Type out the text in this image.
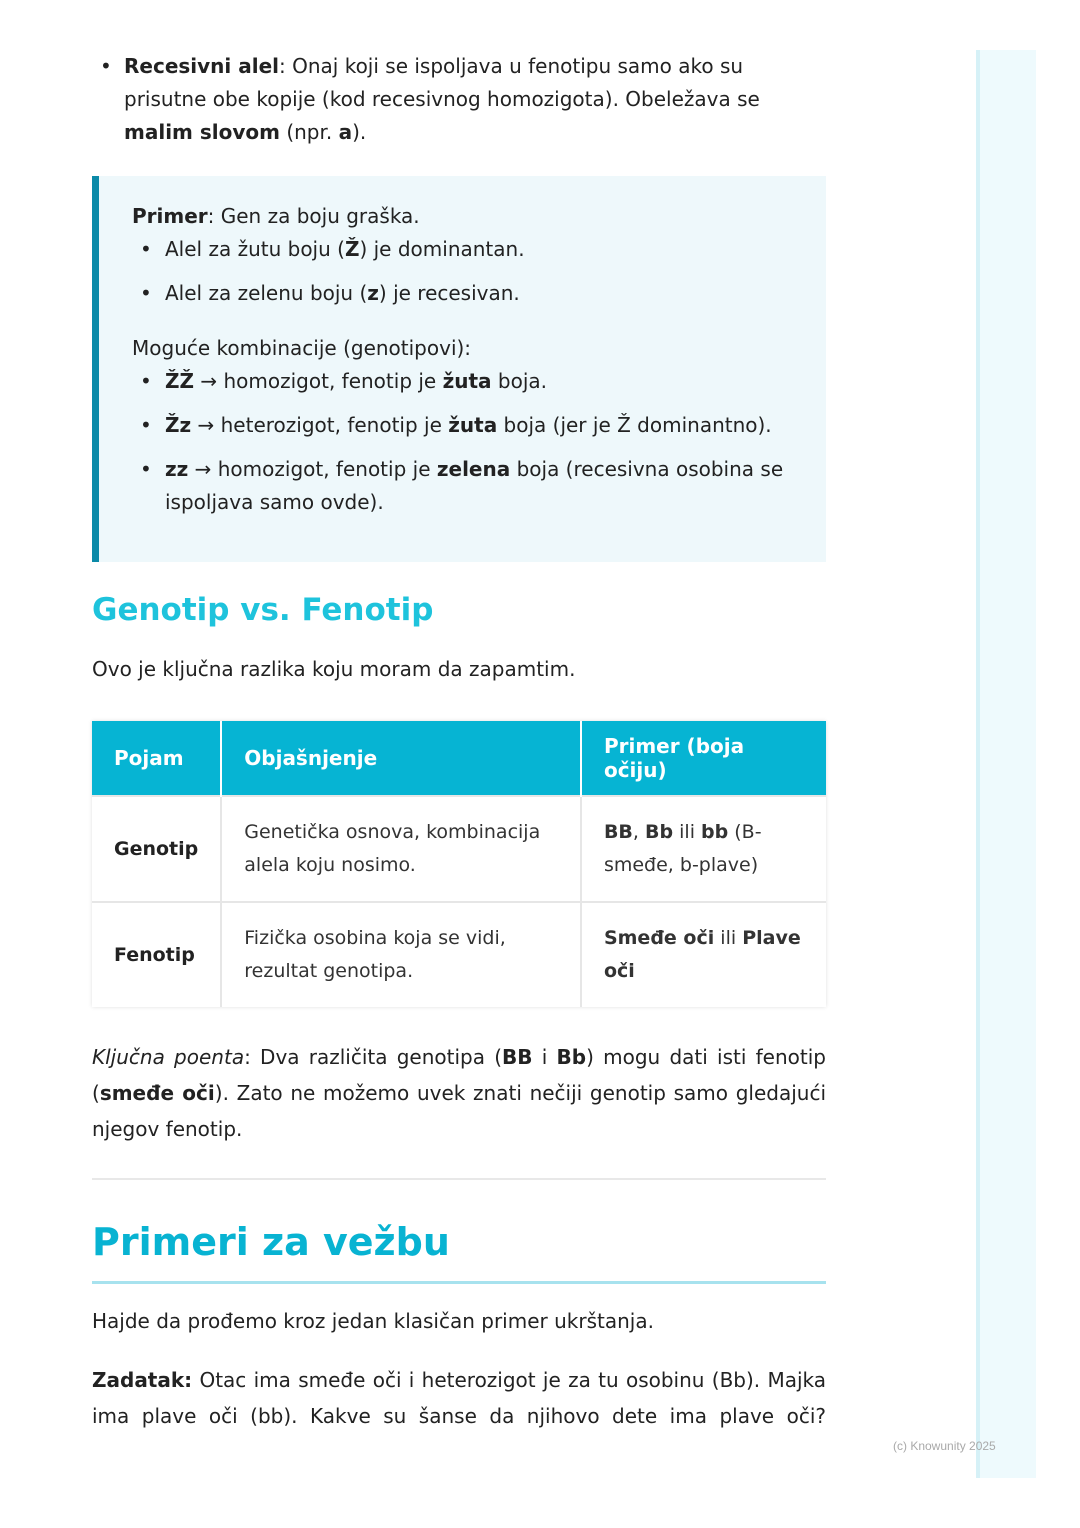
(c) Knowunity 2025
• Recesivni alel: Onaj koji se ispoljava u fenotipu samo ako su prisutne obe kopije (kod recesivnog homozigota). Obeležava se malim slovom (npr. a).

Primer: Gen za boju graška.

• Alel za žutu boju (Ž) je dominantan.
• Alel za zelenu boju (z) je recesivan.

Moguće kombinacije (genotipovi):

• ŽŽ → homozigot, fenotip je žuta boja.
• Žz → heterozigot, fenotip je žuta boja (jer je Ž dominantno).
• zz → homozigot, fenotip je zelena boja (recesivna osobina se ispoljava samo ovde).
Genotip vs. Fenotip

Ovo je ključna razlika koju moram da zapamtim.

Pojam	Objašnjenje	Primer (boja očiju)
Genotip	Genetička osnova, kombinacija alela koju nosimo.	BB, Bb ili bb (B-smeđe, b-plave)
Fenotip	Fizička osobina koja se vidi, rezultat genotipa.	Smeđe oči ili Plave oči

Ključna poenta: Dva različita genotipa (BB i Bb) mogu dati isti fenotip (smeđe oči). Zato ne možemo uvek znati nečiji genotip samo gledajući njegov fenotip.

Primeri za vežbu

Hajde da prođemo kroz jedan klasičan primer ukrštanja.

Zadatak: Otac ima smeđe oči i heterozigot je za tu osobinu (Bb). Majka ima plave oči (bb). Kakve su šanse da njihovo dete ima plave oči?
